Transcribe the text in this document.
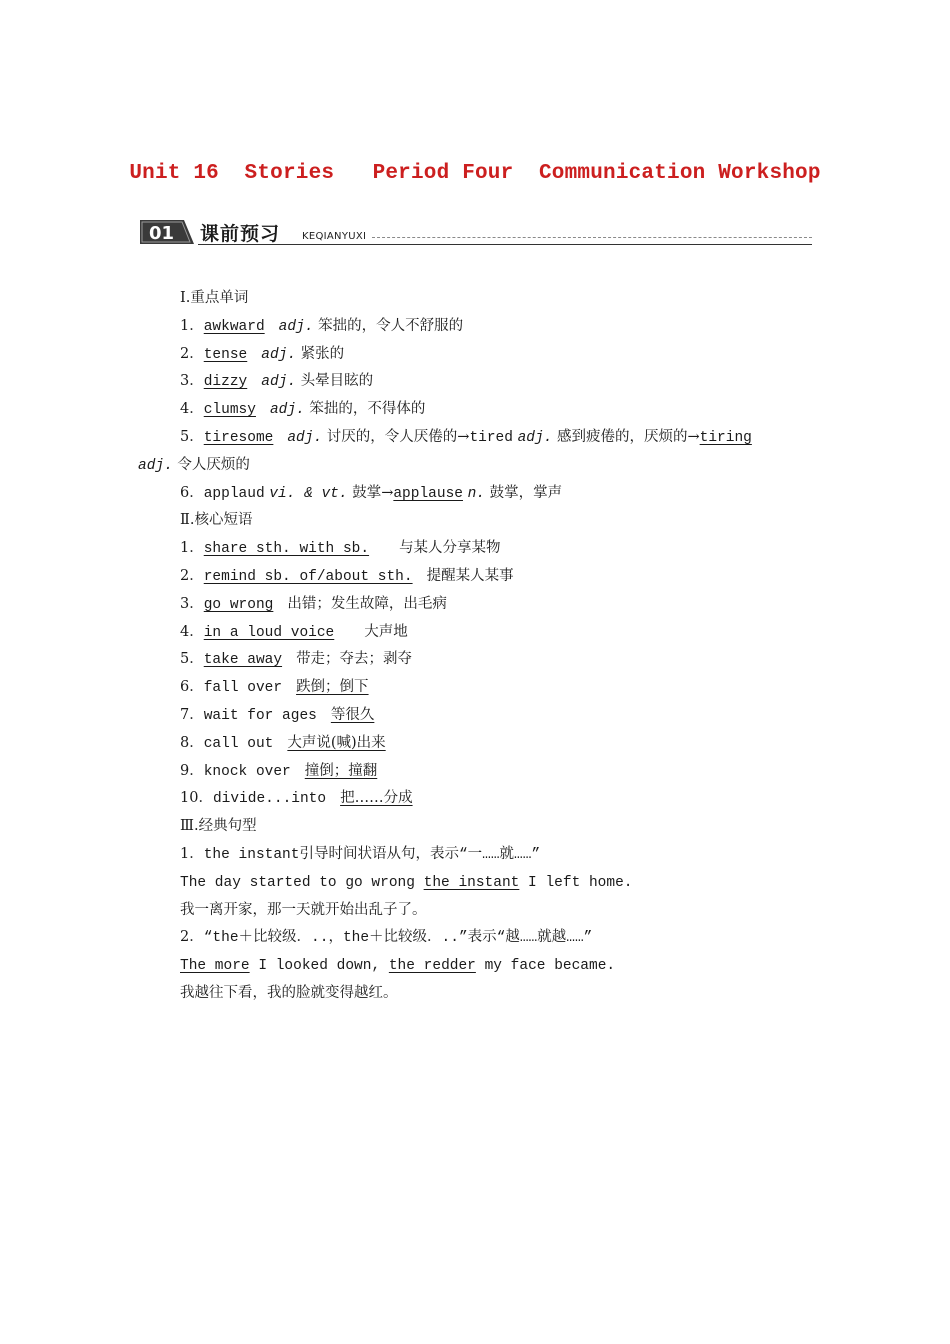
Unit 16  Stories   Period Four  Communication Workshop
01 课前预习 KEQIANYUXI
Ⅰ.重点单词
1．awkward adj. 笨拙的，令人不舒服的
2．tense adj. 紧张的
3．dizzy adj. 头晕目眩的
4．clumsy adj. 笨拙的，不得体的
5．tiresome adj. 讨厌的，令人厌倦的→tired adj. 感到疲倦的，厌烦的→tiring
adj. 令人厌烦的
6．applaud vi. & vt. 鼓掌→applause n. 鼓掌，掌声
Ⅱ.核心短语
1．share sth. with sb. 与某人分享某物
2．remind sb. of/about sth. 提醒某人某事
3．go wrong 出错；发生故障，出毛病
4．in a loud voice 大声地
5．take away 带走；夺去；剥夺
6．fall over 跌倒；倒下
7．wait for ages 等很久
8．call out 大声说(喊)出来
9．knock over 撞倒；撞翻
10．divide...into 把……分成
Ⅲ.经典句型
1．the instant引导时间状语从句，表示“一……就……”
The day started to go wrong the instant I left home.
我一离开家，那一天就开始出乱子了。
2．“the＋比较级．..，the＋比较级．..”表示“越……就越……”
The more I looked down, the redder my face became.
我越往下看，我的脸就变得越红。
